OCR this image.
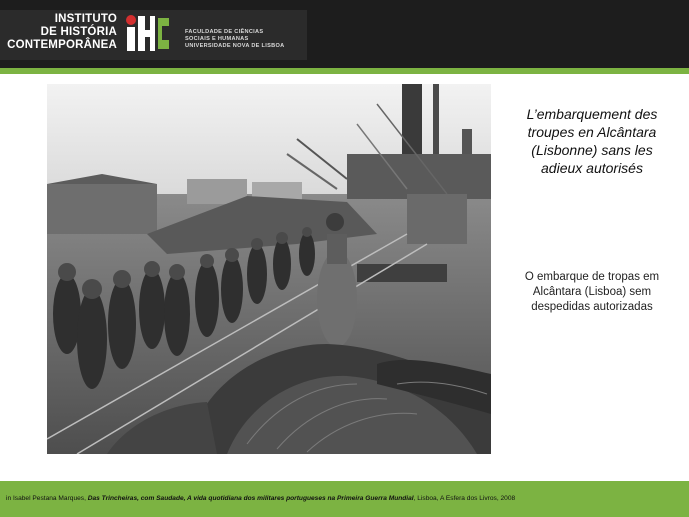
INSTITUTO
DE HISTÓRIA
CONTEMPORÂNEA
FACULDADE DE CIÊNCIAS
SOCIAIS E HUMANAS
UNIVERSIDADE NOVA DE LISBOA
L’embarquement des
troupes en Alcântara
(Lisbonne) sans les
adieux autorisés
O embarque de tropas em
Alcântara (Lisboa) sem
despedidas autorizadas
in Isabel Pestana Marques, Das Trincheiras, com Saudade, A vida quotidiana dos militares portugueses na Primeira Guerra Mundial, Lisboa, A Esfera dos Livros, 2008
